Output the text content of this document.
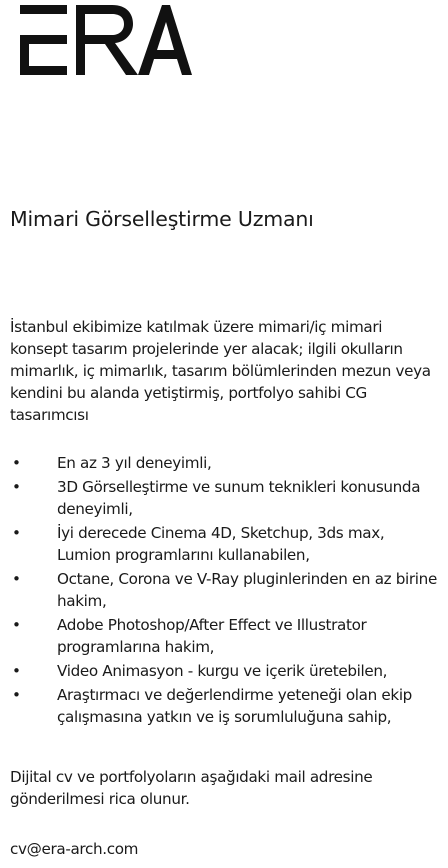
Mimari Görselleştirme Uzmanı
İstanbul ekibimize katılmak üzere mimari/iç mimari konsept tasarım projelerinde yer alacak; ilgili okulların mimarlık, iç mimarlık, tasarım bölümlerinden mezun veya kendini bu alanda yetiştirmiş, portfolyo sahibi CG tasarımcısı
• En az 3 yıl deneyimli,
• 3D Görselleştirme ve sunum teknikleri konusunda deneyimli,
• İyi derecede Cinema 4D, Sketchup, 3ds max, Lumion programlarını kullanabilen,
• Octane, Corona ve V-Ray pluginlerinden en az birine hakim,
• Adobe Photoshop/After Effect ve Illustrator programlarına hakim,
• Video Animasyon - kurgu ve içerik üretebilen,
• Araştırmacı ve değerlendirme yeteneği olan ekip çalışmasına yatkın ve iş sorumluluğuna sahip,
Dijital cv ve portfolyoların aşağıdaki mail adresine gönderilmesi rica olunur.
cv@era-arch.com
